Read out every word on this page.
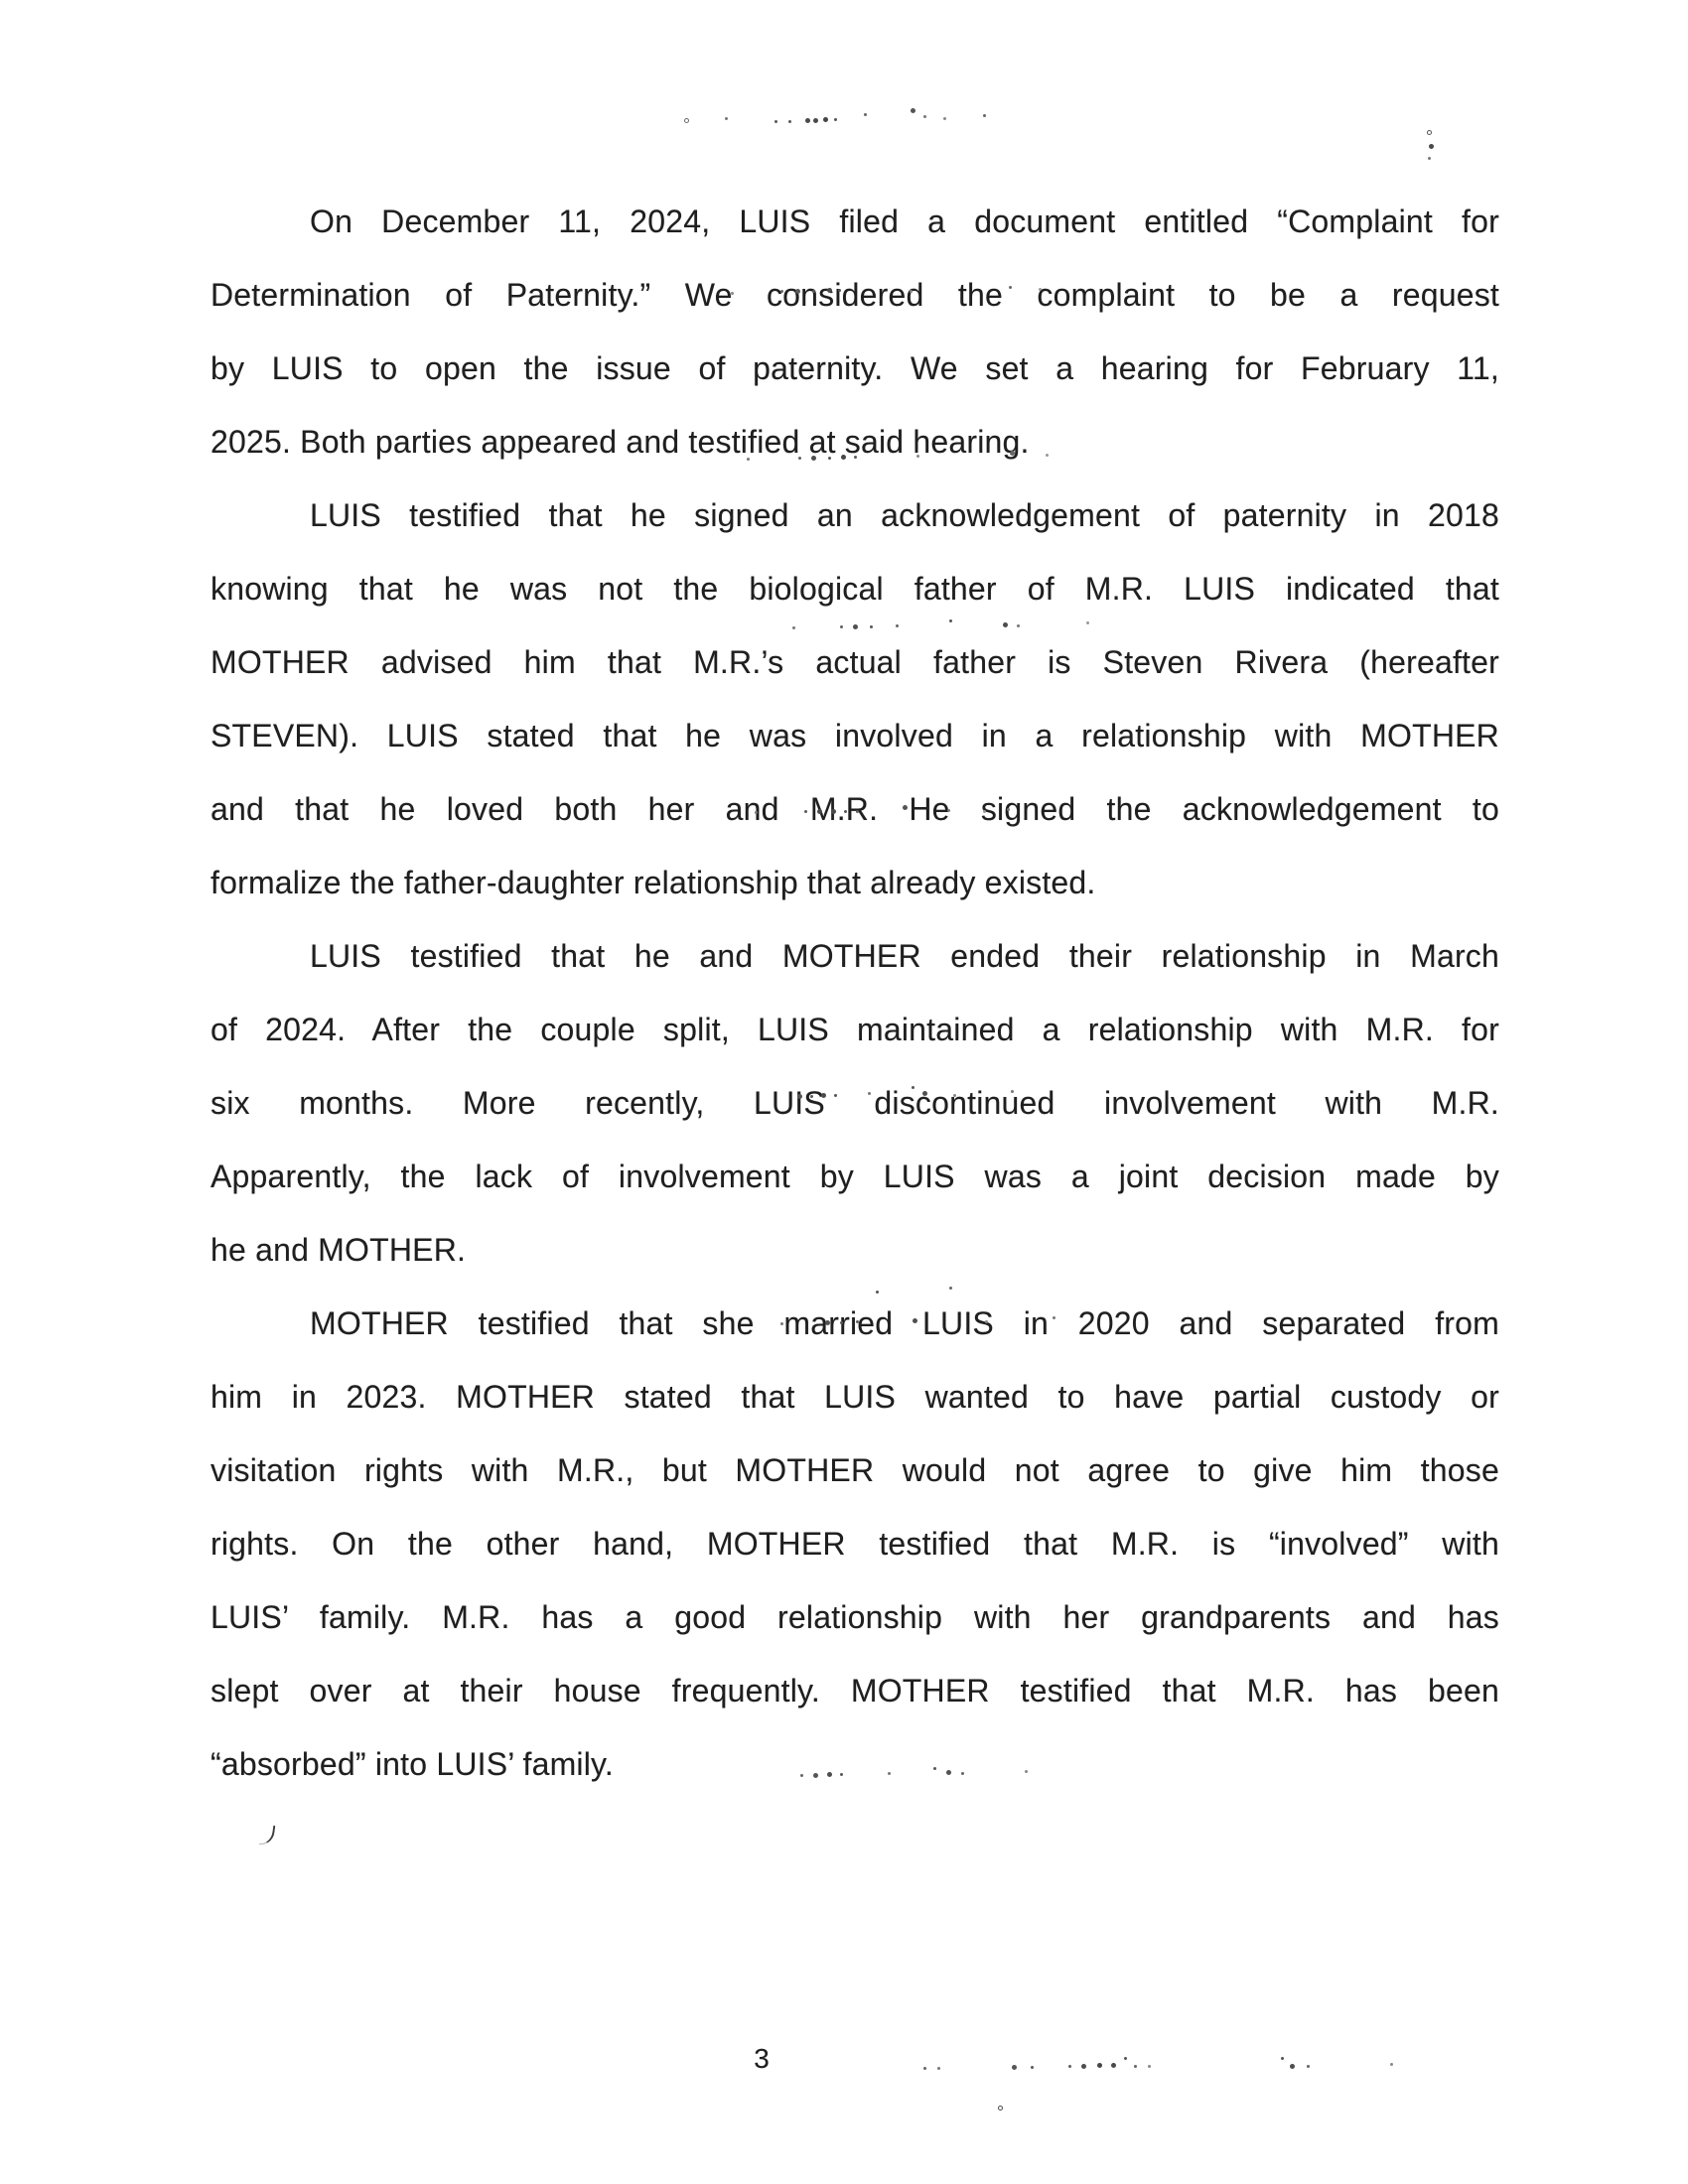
On December 11, 2024, LUIS filed a document entitled “Complaint for
Determination of Paternity.” We considered the complaint to be a request
by LUIS to open the issue of paternity. We set a hearing for February 11,
2025. Both parties appeared and testified at said hearing.
LUIS testified that he signed an acknowledgement of paternity in 2018
knowing that he was not the biological father of M.R. LUIS indicated that
MOTHER advised him that M.R.’s actual father is Steven Rivera (hereafter
STEVEN). LUIS stated that he was involved in a relationship with MOTHER
and that he loved both her and M.R. He signed the acknowledgement to
formalize the father-daughter relationship that already existed.
LUIS testified that he and MOTHER ended their relationship in March
of 2024. After the couple split, LUIS maintained a relationship with M.R. for
six months. More recently, LUIS discontinued involvement with M.R.
Apparently, the lack of involvement by LUIS was a joint decision made by
he and MOTHER.
MOTHER testified that she married LUIS in 2020 and separated from
him in 2023. MOTHER stated that LUIS wanted to have partial custody or
visitation rights with M.R., but MOTHER would not agree to give him those
rights. On the other hand, MOTHER testified that M.R. is “involved” with
LUIS’ family. M.R. has a good relationship with her grandparents and has
slept over at their house frequently. MOTHER testified that M.R. has been
“absorbed” into LUIS’ family.
3
